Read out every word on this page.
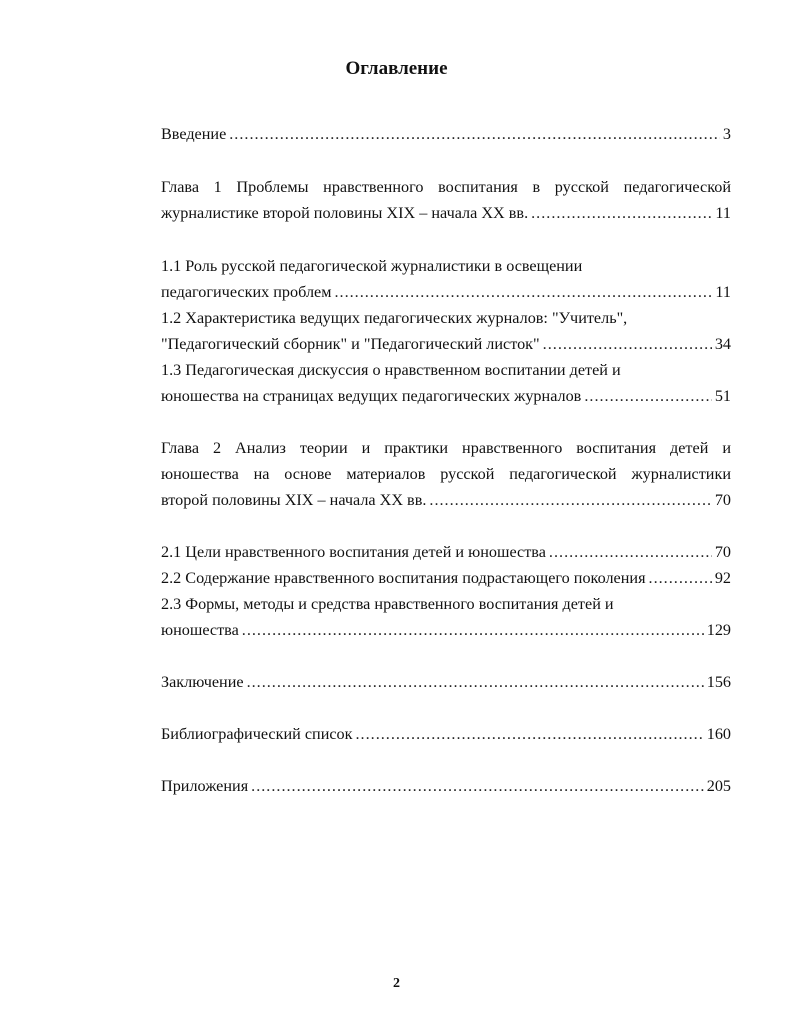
Оглавление
Введение .....	3
Глава 1 Проблемы нравственного воспитания в русской педагогической
журналистике второй половины XIX – начала XX вв. .....	11
1.1 Роль русской педагогической журналистики в освещении
педагогических проблем .....	11
1.2 Характеристика ведущих педагогических журналов: "Учитель",
"Педагогический сборник" и "Педагогический листок" .....	34
1.3 Педагогическая дискуссия о нравственном воспитании детей и
юношества на страницах ведущих педагогических журналов .....	51
Глава 2 Анализ теории и практики нравственного воспитания детей и
юношества на основе материалов русской педагогической журналистики
второй половины XIX – начала XX вв. .....	70
2.1 Цели нравственного воспитания детей и юношества .....	70
2.2 Содержание нравственного воспитания подрастающего поколения .....	92
2.3 Формы, методы и средства нравственного воспитания детей и
юношества .....	129
Заключение .....	156
Библиографический список .....	160
Приложения .....	205
2
